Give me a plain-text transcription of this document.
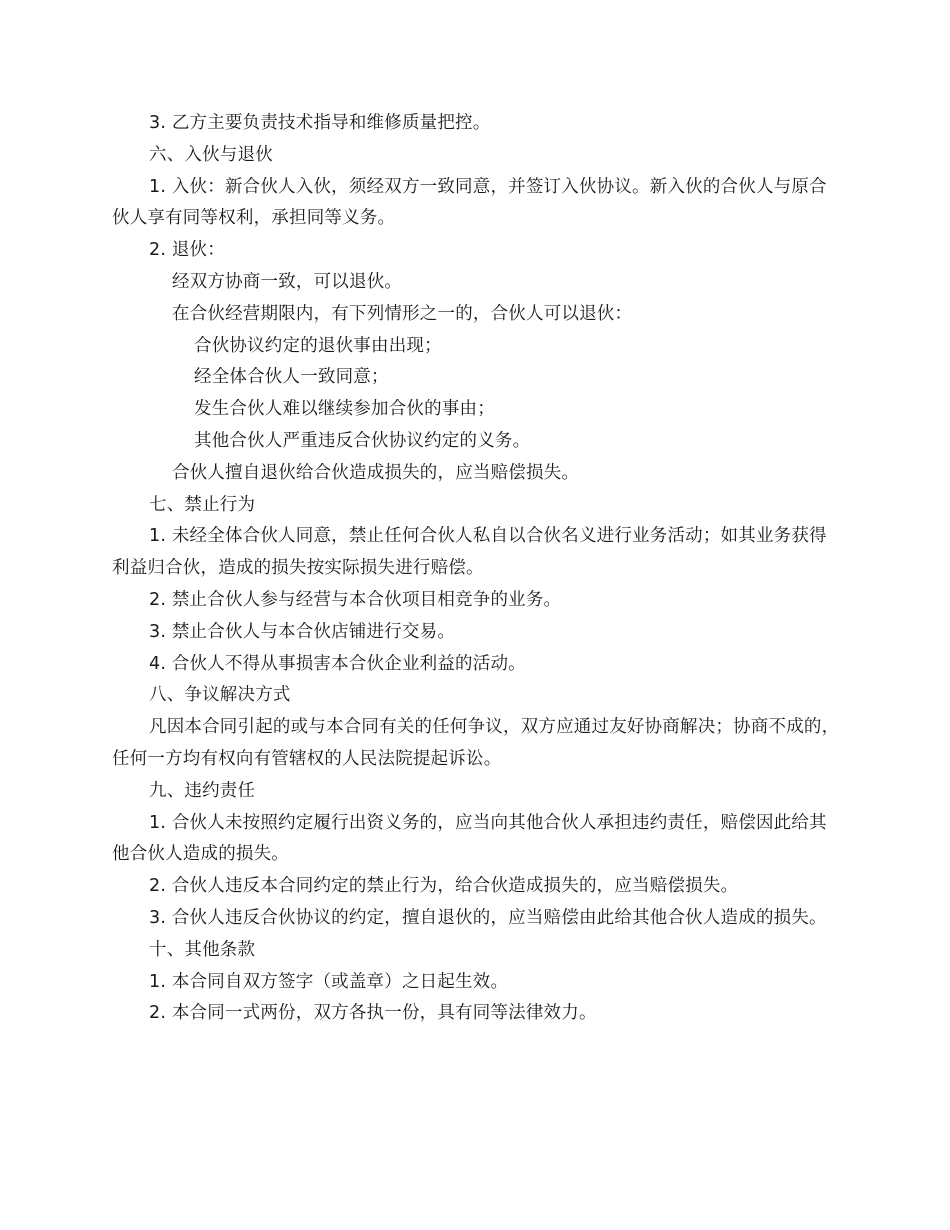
3. 乙方主要负责技术指导和维修质量把控。

六、入伙与退伙

1. 入伙：新合伙人入伙，须经双方一致同意，并签订入伙协议。新入伙的合伙人与原合伙人享有同等权利，承担同等义务。

2. 退伙：

经双方协商一致，可以退伙。

在合伙经营期限内，有下列情形之一的，合伙人可以退伙：

合伙协议约定的退伙事由出现；

经全体合伙人一致同意；

发生合伙人难以继续参加合伙的事由；

其他合伙人严重违反合伙协议约定的义务。

合伙人擅自退伙给合伙造成损失的，应当赔偿损失。

七、禁止行为

1. 未经全体合伙人同意，禁止任何合伙人私自以合伙名义进行业务活动；如其业务获得利益归合伙，造成的损失按实际损失进行赔偿。

2. 禁止合伙人参与经营与本合伙项目相竞争的业务。

3. 禁止合伙人与本合伙店铺进行交易。

4. 合伙人不得从事损害本合伙企业利益的活动。

八、争议解决方式

凡因本合同引起的或与本合同有关的任何争议，双方应通过友好协商解决；协商不成的，任何一方均有权向有管辖权的人民法院提起诉讼。

九、违约责任

1. 合伙人未按照约定履行出资义务的，应当向其他合伙人承担违约责任，赔偿因此给其他合伙人造成的损失。

2. 合伙人违反本合同约定的禁止行为，给合伙造成损失的，应当赔偿损失。

3. 合伙人违反合伙协议的约定，擅自退伙的，应当赔偿由此给其他合伙人造成的损失。

十、其他条款

1. 本合同自双方签字（或盖章）之日起生效。

2. 本合同一式两份，双方各执一份，具有同等法律效力。
